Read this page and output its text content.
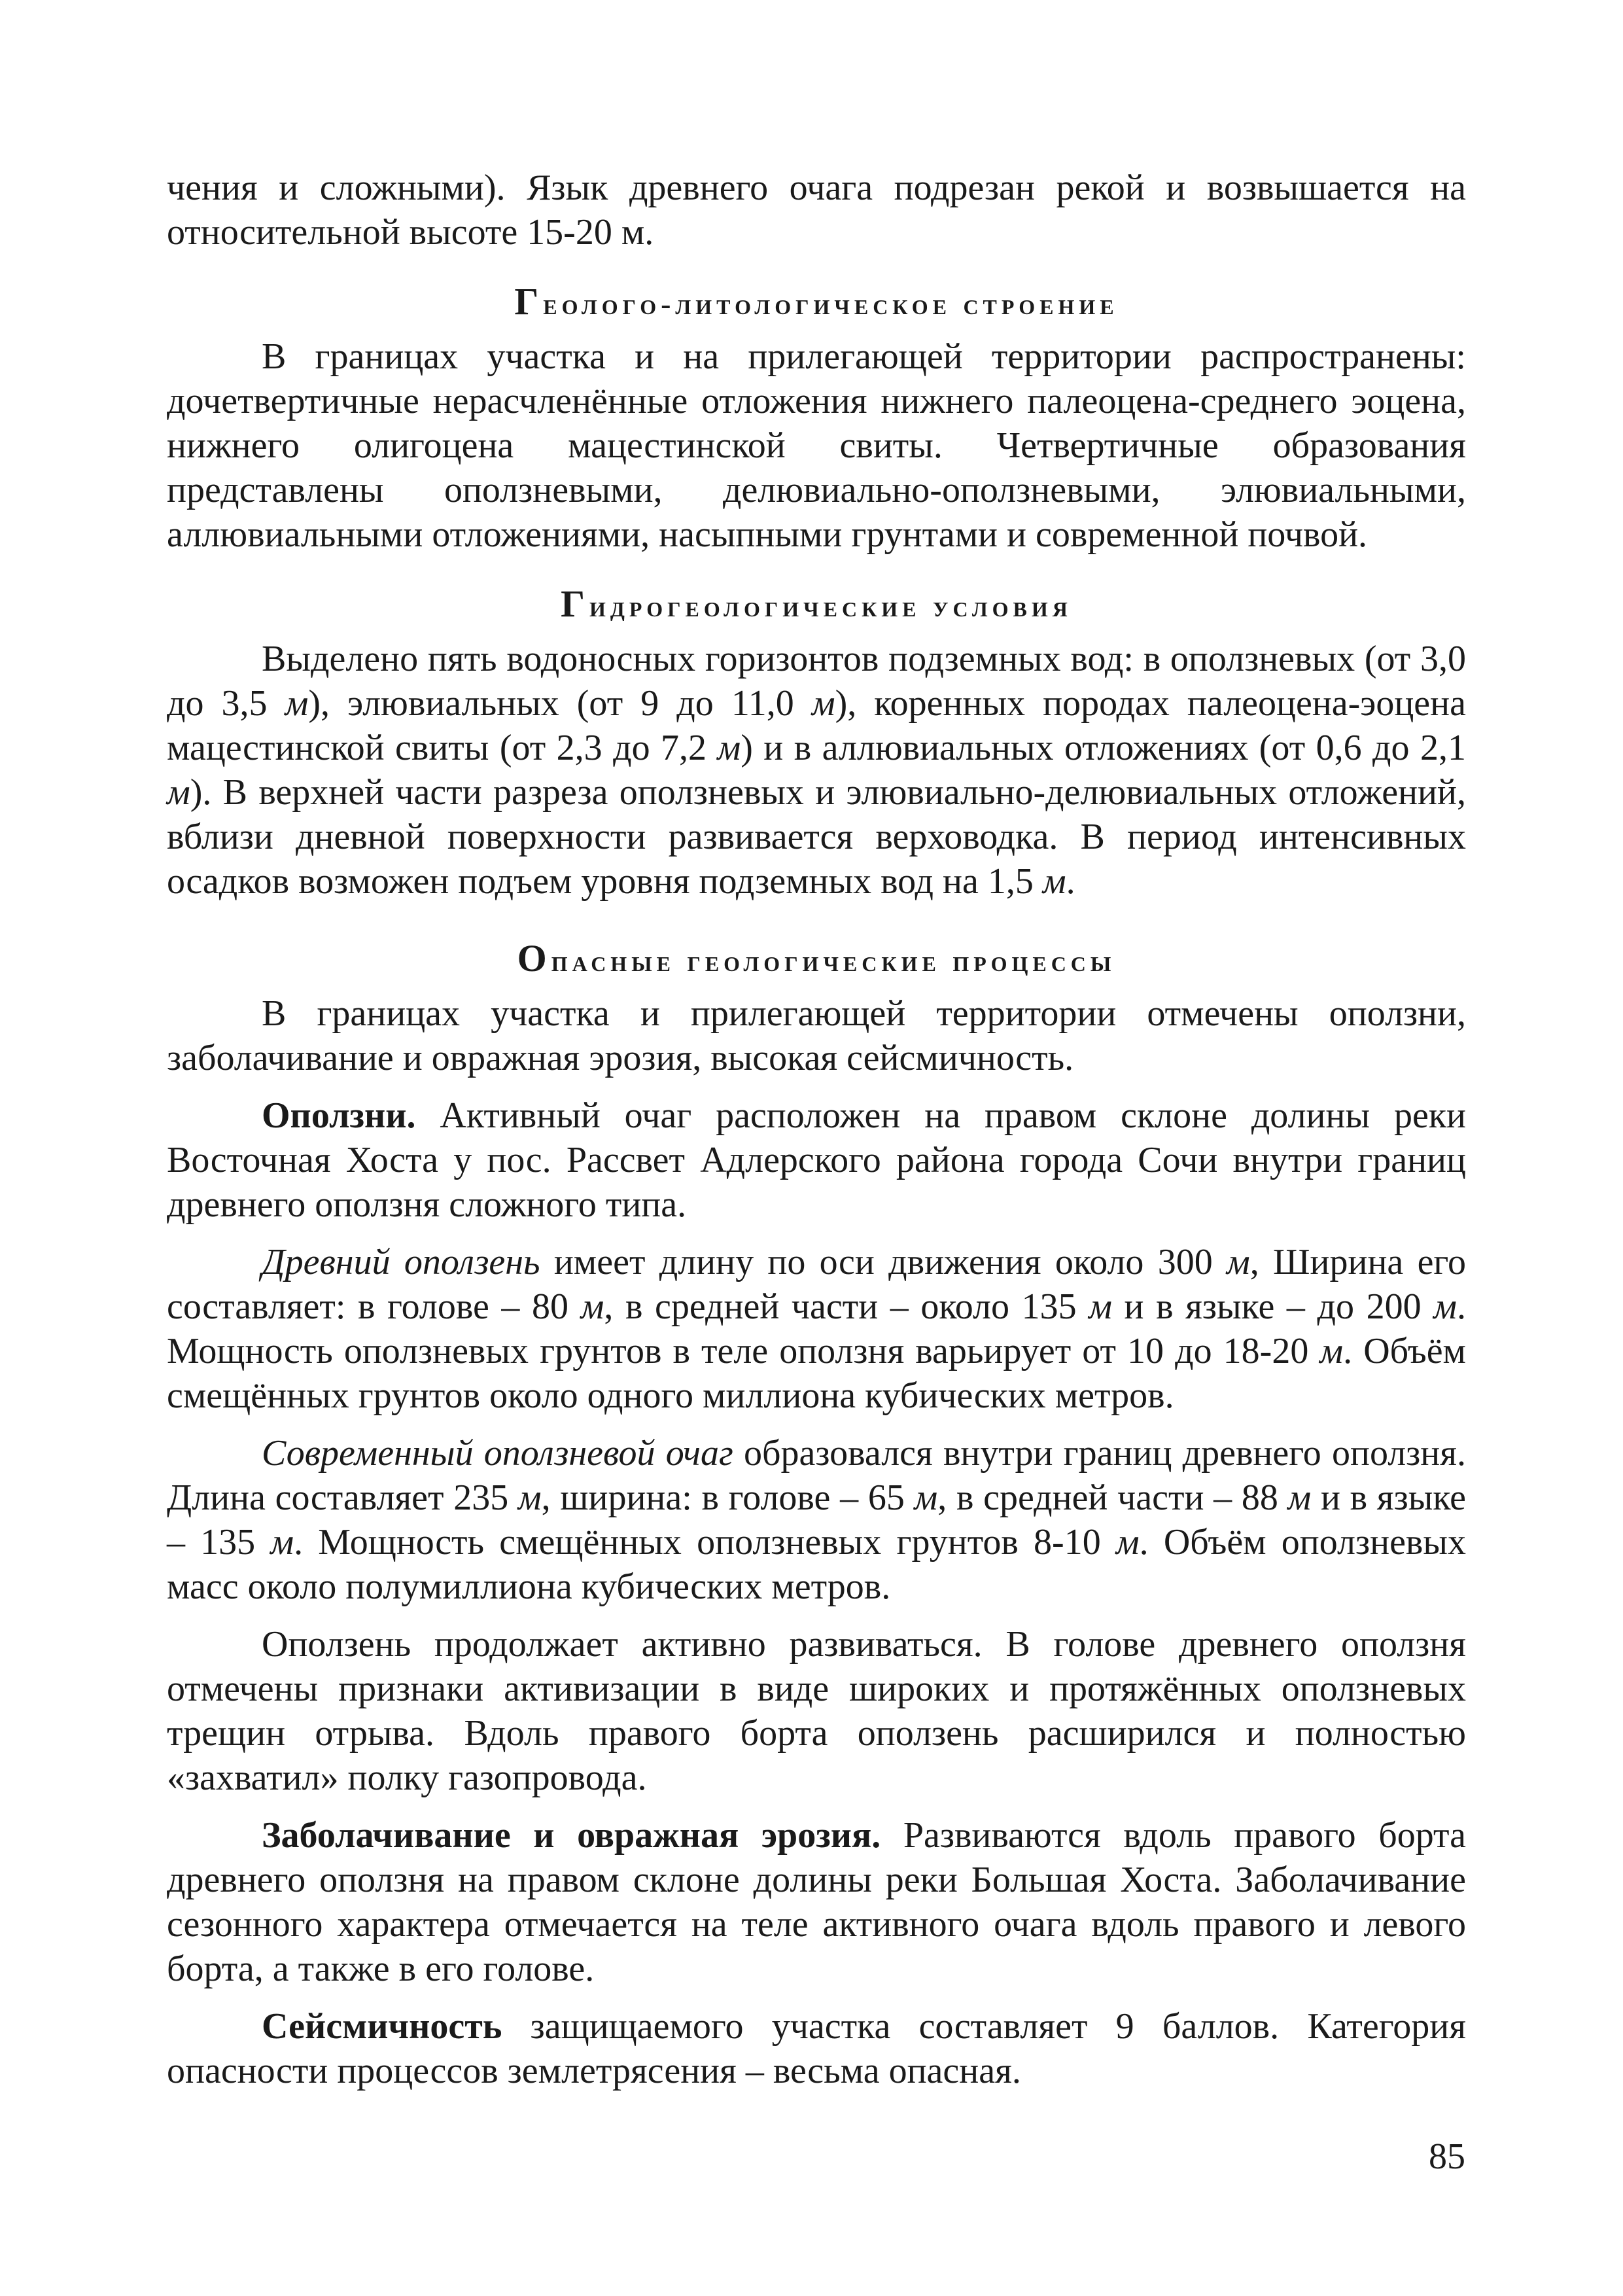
чения и сложными). Язык древнего очага подрезан рекой и возвышается на относительной высоте 15-20 м.

Геолого-литологическое строение

В границах участка и на прилегающей территории распространены: дочетвертичные нерасчленённые отложения нижнего палеоцена-среднего эоцена, нижнего олигоцена мацестинской свиты. Четвертичные образования представлены оползневыми, делювиально-оползневыми, элювиальными, аллювиальными отложениями, насыпными грунтами и современной почвой.

Гидрогеологические условия

Выделено пять водоносных горизонтов подземных вод: в оползневых (от 3,0 до 3,5 м), элювиальных (от 9 до 11,0 м), коренных породах палеоцена-эоцена мацестинской свиты (от 2,3 до 7,2 м) и в аллювиальных отложениях (от 0,6 до 2,1 м). В верхней части разреза оползневых и элювиально-делювиальных отложений, вблизи дневной поверхности развивается верховодка. В период интенсивных осадков возможен подъем уровня подземных вод на 1,5 м.

Опасные геологические процессы

В границах участка и прилегающей территории отмечены оползни, заболачивание и овражная эрозия, высокая сейсмичность.

Оползни. Активный очаг расположен на правом склоне долины реки Восточная Хоста у пос. Рассвет Адлерского района города Сочи внутри границ древнего оползня сложного типа.

Древний оползень имеет длину по оси движения около 300 м, Ширина его составляет: в голове – 80 м, в средней части – около 135 м и в языке – до 200 м. Мощность оползневых грунтов в теле оползня варьирует от 10 до 18-20 м. Объём смещённых грунтов около одного миллиона кубических метров.

Современный оползневой очаг образовался внутри границ древнего оползня. Длина составляет 235 м, ширина: в голове – 65 м, в средней части – 88 м и в языке – 135 м. Мощность смещённых оползневых грунтов 8-10 м. Объём оползневых масс около полумиллиона кубических метров.

Оползень продолжает активно развиваться. В голове древнего оползня отмечены признаки активизации в виде широких и протяжённых оползневых трещин отрыва. Вдоль правого борта оползень расширился и полностью «захватил» полку газопровода.

Заболачивание и овражная эрозия. Развиваются вдоль правого борта древнего оползня на правом склоне долины реки Большая Хоста. Заболачивание сезонного характера отмечается на теле активного очага вдоль правого и левого борта, а также в его голове.

Сейсмичность защищаемого участка составляет 9 баллов. Категория опасности процессов землетрясения – весьма опасная.

85
